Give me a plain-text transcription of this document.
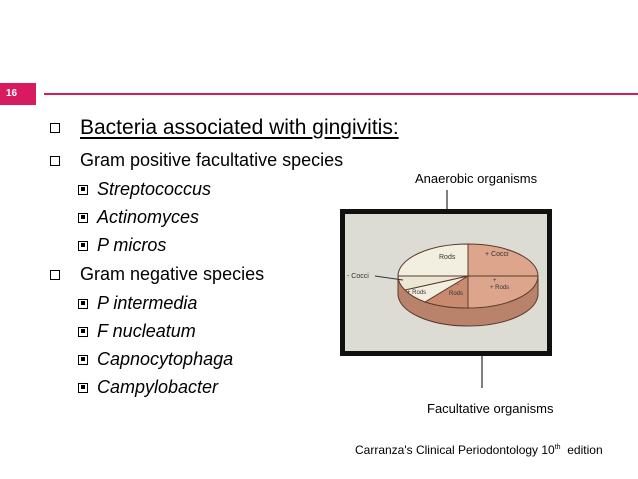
16
Bacteria associated with gingivitis:
Gram positive facultative species
Streptococcus
Actinomyces
P micros
Gram negative species
P intermedia
F nucleatum
Capnocytophaga
Campylobacter
Anaerobic organisms
Facultative organisms
Rods	+ Cocci
- Cocci
+ Rods
-
Rods
+ Rods
+
Carranza's Clinical Periodontology 10th edition
